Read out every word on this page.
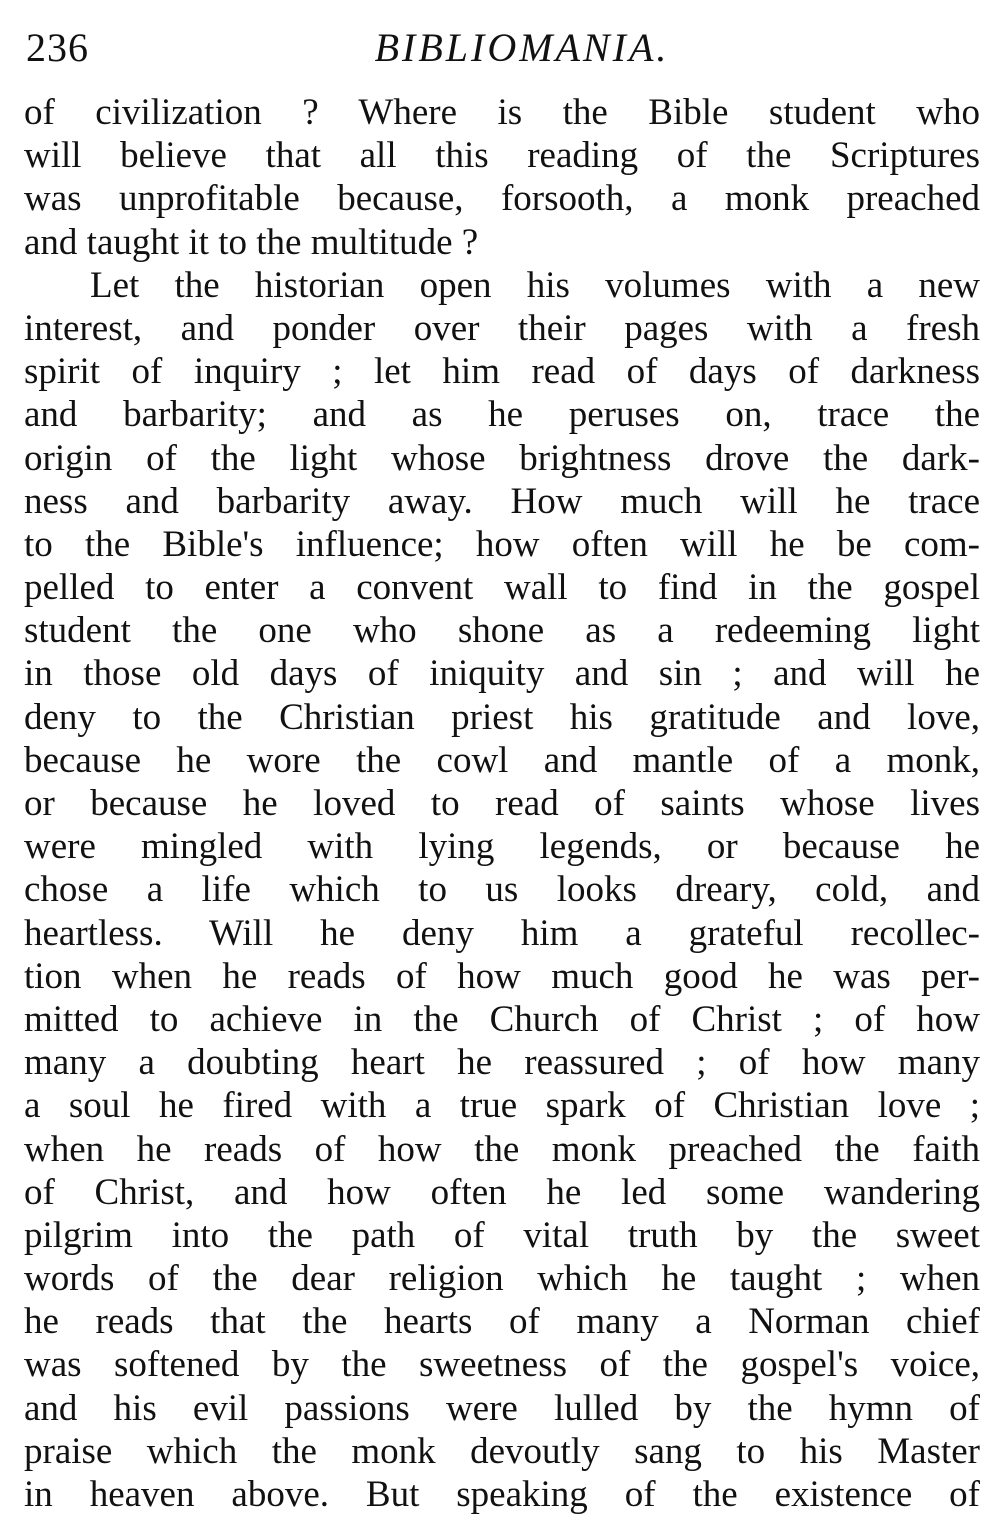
236	BIBLIOMANIA.
of civilization ? Where is the Bible student who
will believe that all this reading of the Scriptures
was unprofitable because, forsooth, a monk preached
and taught it to the multitude ?
Let the historian open his volumes with a new
interest, and ponder over their pages with a fresh
spirit of inquiry ; let him read of days of darkness
and barbarity; and as he peruses on, trace the
origin of the light whose brightness drove the dark-
ness and barbarity away. How much will he trace
to the Bible's influence; how often will he be com-
pelled to enter a convent wall to find in the gospel
student the one who shone as a redeeming light
in those old days of iniquity and sin ; and will he
deny to the Christian priest his gratitude and love,
because he wore the cowl and mantle of a monk,
or because he loved to read of saints whose lives
were mingled with lying legends, or because he
chose a life which to us looks dreary, cold, and
heartless. Will he deny him a grateful recollec-
tion when he reads of how much good he was per-
mitted to achieve in the Church of Christ ; of how
many a doubting heart he reassured ; of how many
a soul he fired with a true spark of Christian love ;
when he reads of how the monk preached the faith
of Christ, and how often he led some wandering
pilgrim into the path of vital truth by the sweet
words of the dear religion which he taught ; when
he reads that the hearts of many a Norman chief
was softened by the sweetness of the gospel's voice,
and his evil passions were lulled by the hymn of
praise which the monk devoutly sang to his Master
in heaven above. But speaking of the existence of
